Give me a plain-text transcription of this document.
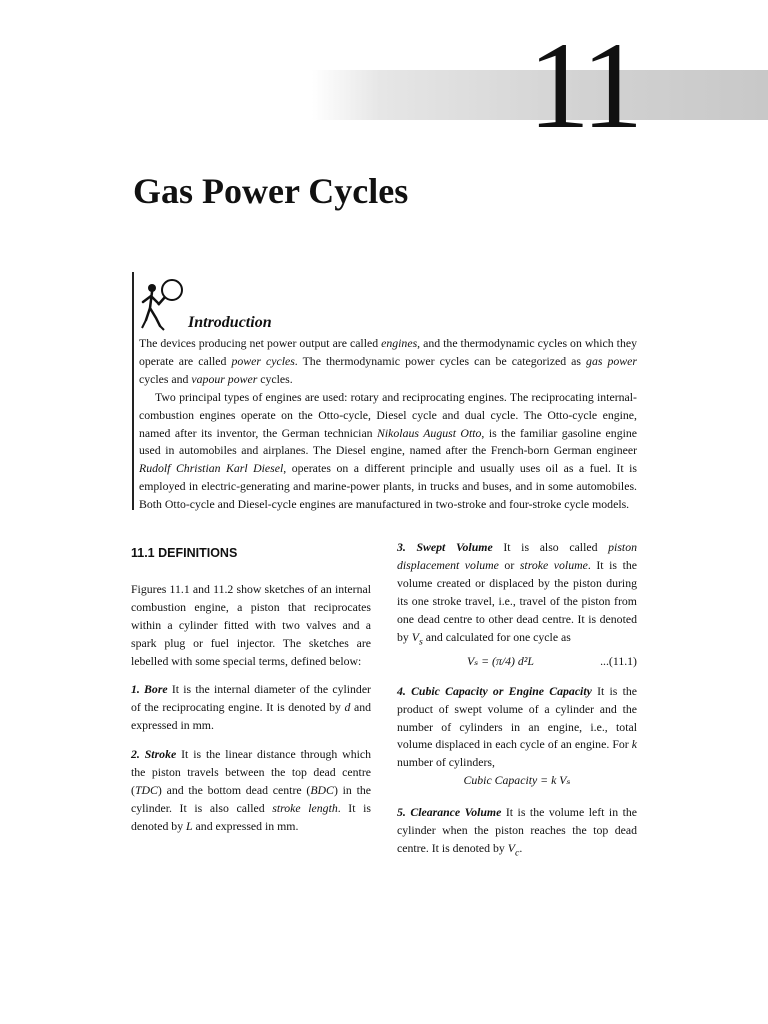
11
Gas Power Cycles
Introduction

The devices producing net power output are called engines, and the thermodynamic cycles on which they operate are called power cycles. The thermodynamic power cycles can be categorized as gas power cycles and vapour power cycles.

Two principal types of engines are used: rotary and reciprocating engines. The reciprocating internal-combustion engines operate on the Otto-cycle, Diesel cycle and dual cycle. The Otto-cycle engine, named after its inventor, the German technician Nikolaus August Otto, is the familiar gasoline engine used in automobiles and airplanes. The Diesel engine, named after the French-born German engineer Rudolf Christian Karl Diesel, operates on a different principle and usually uses oil as a fuel. It is employed in electric-generating and marine-power plants, in trucks and buses, and in some automobiles. Both Otto-cycle and Diesel-cycle engines are manufactured in two-stroke and four-stroke cycle models.

11.1 DEFINITIONS

Figures 11.1 and 11.2 show sketches of an internal combustion engine, a piston that reciprocates within a cylinder fitted with two valves and a spark plug or fuel injector. The sketches are lebelled with some special terms, defined below:

1. Bore It is the internal diameter of the cylinder of the reciprocating engine. It is denoted by d and expressed in mm.

2. Stroke It is the linear distance through which the piston travels between the top dead centre (TDC) and the bottom dead centre (BDC) in the cylinder. It is also called stroke length. It is denoted by L and expressed in mm.

3. Swept Volume It is also called piston displacement volume or stroke volume. It is the volume created or displaced by the piston during its one stroke travel, i.e., travel of the piston from one dead centre to other dead centre. It is denoted by $V_s$ and calculated for one cycle as

Vₛ = (π/4) d²L	...(11.1)

4. Cubic Capacity or Engine Capacity It is the product of swept volume of a cylinder and the number of cylinders in an engine, i.e., total volume displaced in each cycle of an engine. For k number of cylinders,

Cubic Capacity = k Vₛ

5. Clearance Volume It is the volume left in the cylinder when the piston reaches the top dead centre. It is denoted by $V_c$.
